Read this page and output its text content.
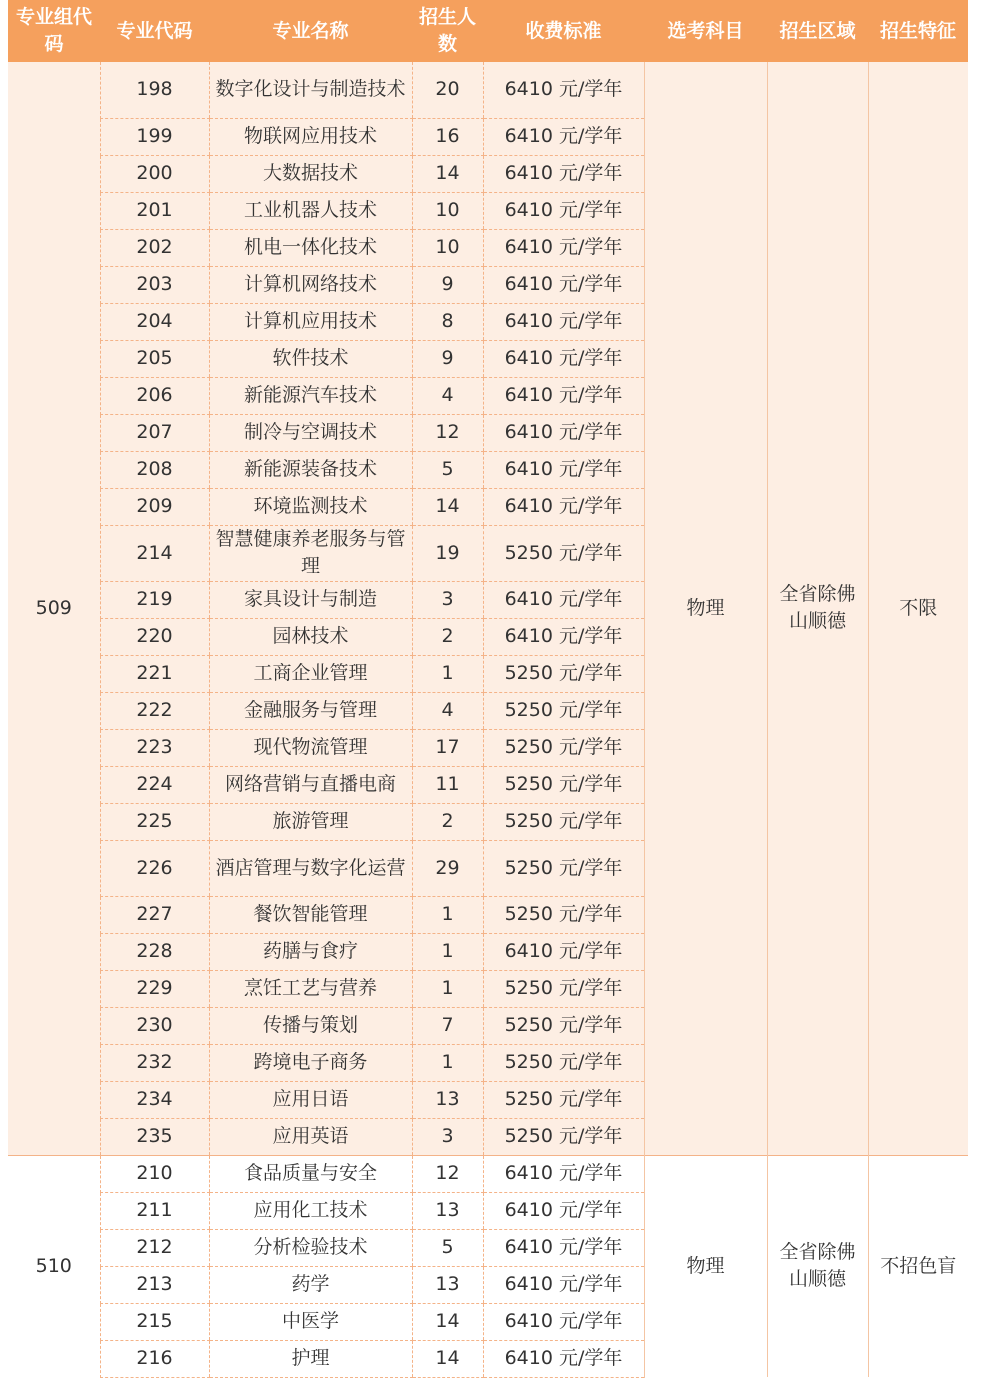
专业组代码	专业代码	专业名称	招生人数	收费标准	选考科目	招生区域	招生特征
509	198	数字化设计与制造技术	20	6410 元/学年	物理	全省除佛山顺德	不限
	199	物联网应用技术	16	6410 元/学年			
	200	大数据技术	14	6410 元/学年			
	201	工业机器人技术	10	6410 元/学年			
	202	机电一体化技术	10	6410 元/学年			
	203	计算机网络技术	9	6410 元/学年			
	204	计算机应用技术	8	6410 元/学年			
	205	软件技术	9	6410 元/学年			
	206	新能源汽车技术	4	6410 元/学年			
	207	制冷与空调技术	12	6410 元/学年			
	208	新能源装备技术	5	6410 元/学年			
	209	环境监测技术	14	6410 元/学年			
	214	智慧健康养老服务与管理	19	5250 元/学年			
	219	家具设计与制造	3	6410 元/学年			
	220	园林技术	2	6410 元/学年			
	221	工商企业管理	1	5250 元/学年			
	222	金融服务与管理	4	5250 元/学年			
	223	现代物流管理	17	5250 元/学年			
	224	网络营销与直播电商	11	5250 元/学年			
	225	旅游管理	2	5250 元/学年			
	226	酒店管理与数字化运营	29	5250 元/学年			
	227	餐饮智能管理	1	5250 元/学年			
	228	药膳与食疗	1	6410 元/学年			
	229	烹饪工艺与营养	1	5250 元/学年			
	230	传播与策划	7	5250 元/学年			
	232	跨境电子商务	1	5250 元/学年			
	234	应用日语	13	5250 元/学年			
	235	应用英语	3	5250 元/学年			
510	210	食品质量与安全	12	6410 元/学年	物理	全省除佛山顺德	不招色盲
	211	应用化工技术	13	6410 元/学年			
	212	分析检验技术	5	6410 元/学年			
	213	药学	13	6410 元/学年			
	215	中医学	14	6410 元/学年			
	216	护理	14	6410 元/学年			
